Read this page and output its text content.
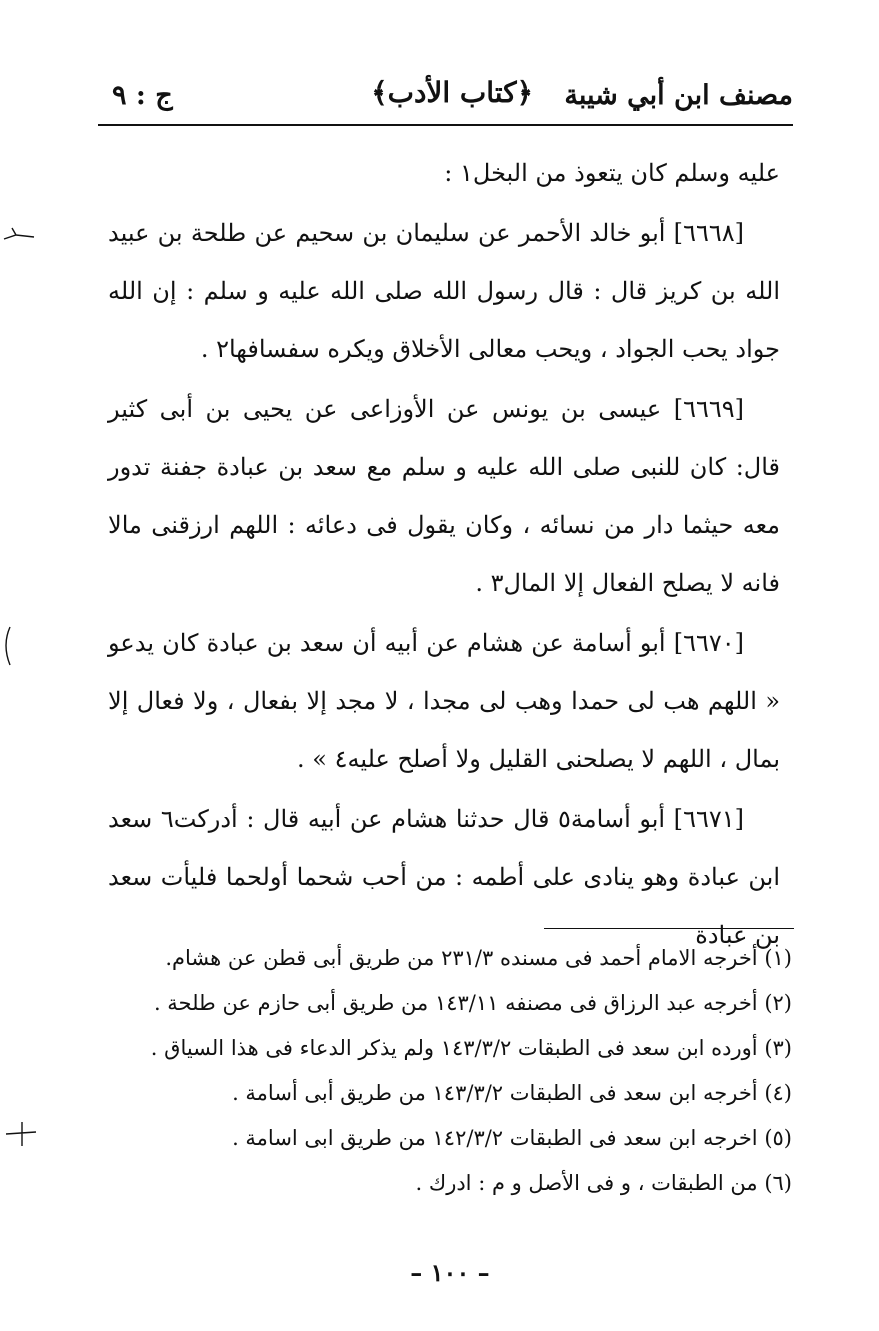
مصنف ابن أبي شيبة
﴿كتاب الأدب﴾
ج : ٩

عليه وسلم كان يتعوذ من البخل١ :

[٦٦٦٨] أبو خالد الأحمر عن سليمان بن سحيم عن طلحة بن عبيد الله بن كريز قال : قال رسول الله صلى الله عليه و سلم : إن الله جواد يحب الجواد ، ويحب معالى الأخلاق ويكره سفسافها٢ .

[٦٦٦٩] عيسى بن يونس عن الأوزاعى عن يحيى بن أبى كثير قال: كان للنبى صلى الله عليه و سلم مع سعد بن عبادة جفنة تدور معه حيثما دار من نسائه ، وكان يقول فى دعائه : اللهم ارزقنى مالا فانه لا يصلح الفعال إلا المال٣ .

[٦٦٧٠] أبو أسامة عن هشام عن أبيه أن سعد بن عبادة كان يدعو « اللهم هب لى حمدا وهب لى مجدا ، لا مجد إلا بفعال ، ولا فعال إلا بمال ، اللهم لا يصلحنى القليل ولا أصلح عليه٤ » .

[٦٦٧١] أبو أسامة٥ قال حدثنا هشام عن أبيه قال : أدركت٦ سعد ابن عبادة وهو ينادى على أطمه : من أحب شحما أولحما فليأت سعد بن عبادة

(١) أخرجه الامام أحمد فى مسنده ٢٣١/٣ من طريق أبى قطن عن هشام.
(٢) أخرجه عبد الرزاق فى مصنفه ١٤٣/١١ من طريق أبى حازم عن طلحة .
(٣) أورده ابن سعد فى الطبقات ١٤٣/٣/٢ ولم يذكر الدعاء فى هذا السياق .
(٤) أخرجه ابن سعد فى الطبقات ١٤٣/٣/٢ من طريق أبى أسامة .
(٥) اخرجه ابن سعد فى الطبقات ١٤٢/٣/٢ من طريق ابى اسامة .
(٦) من الطبقات ، و فى الأصل و م : ادرك .
– ١٠٠ –
